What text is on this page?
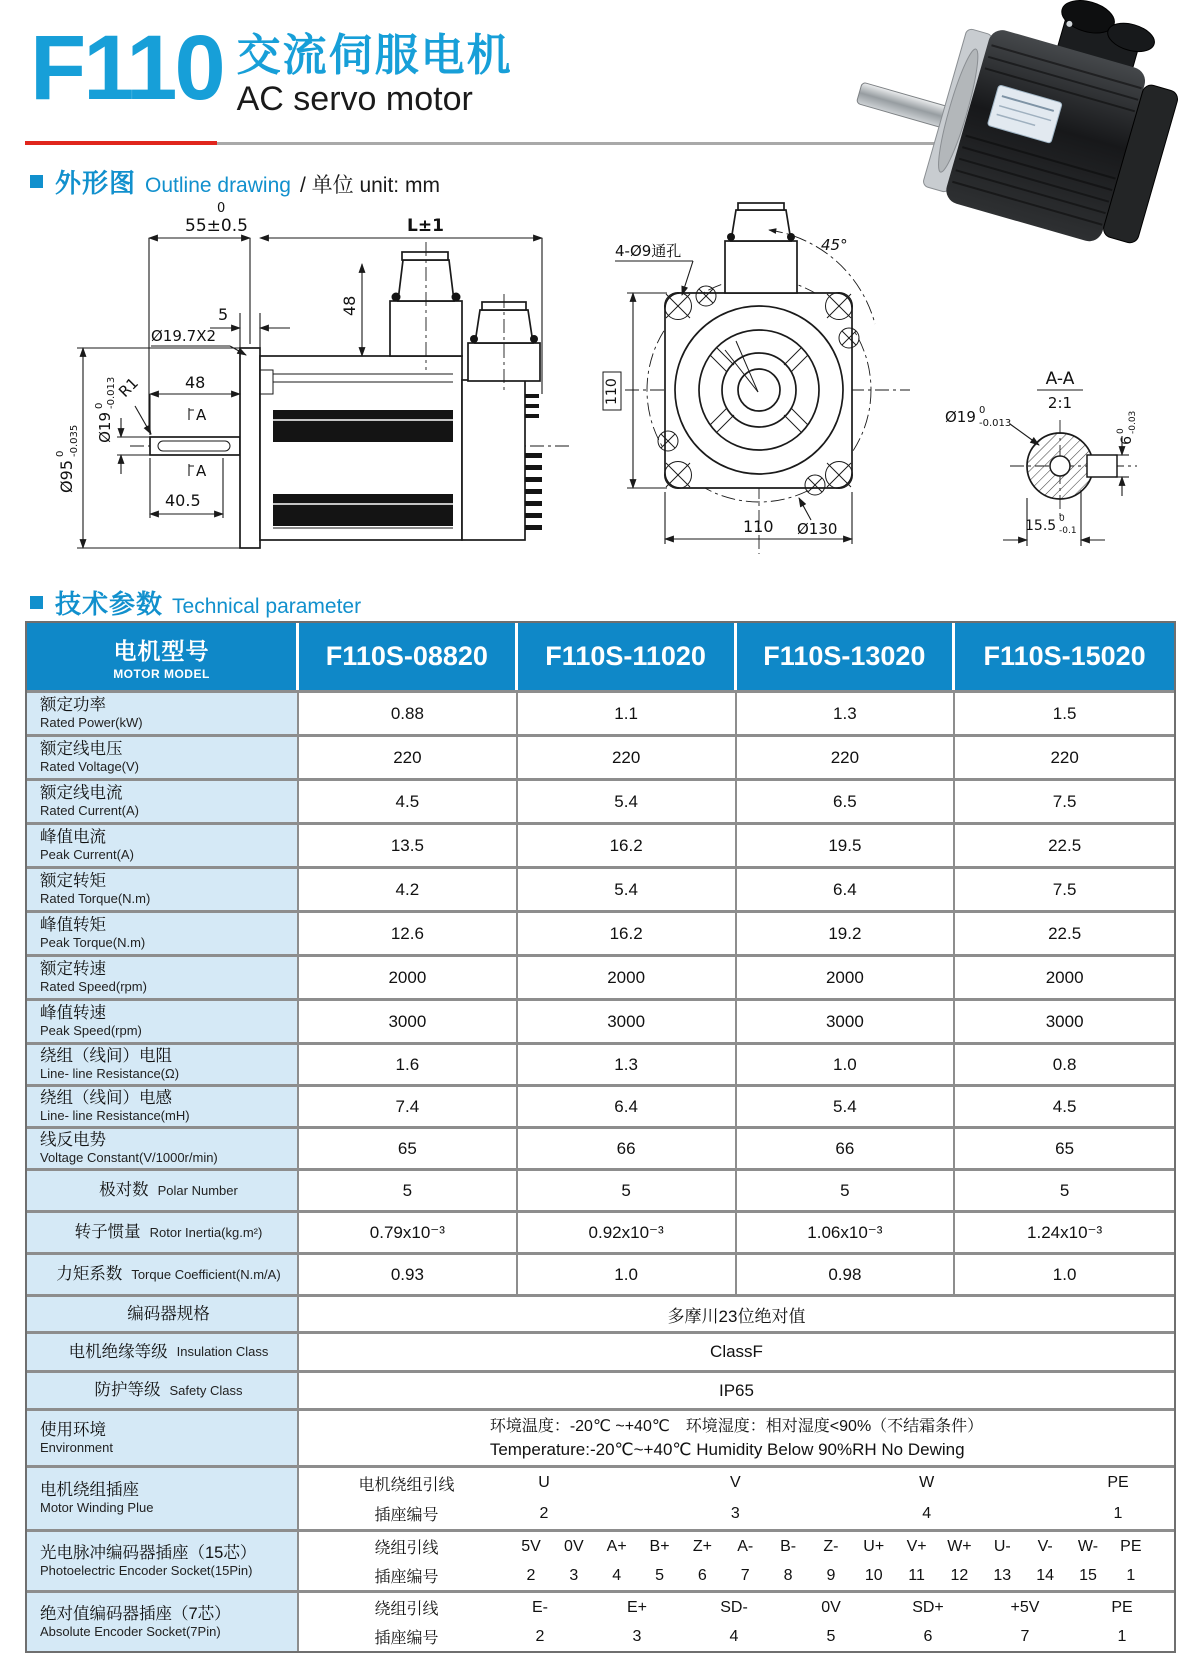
F110 交流伺服电机
AC servo motor
外形图 Outline drawing / 单位 unit: mm
0
55±0.5	L±1
5
Ø19.7X2
48
48
A
A
40.5
R1
Ø19
0 -0.013
Ø95
0 -0.035
45°
4-Ø9通孔
110
110
Ø130
A-A
2:1
Ø19 0
-0.013
6
0 -0.03
15.5 0
-0.1
技术参数 Technical parameter
电机型号
MOTOR MODEL
F110S-08820	F110S-11020	F110S-13020	F110S-15020
额定功率
Rated Power(kW)	0.88	1.1	1.3	1.5
额定线电压
Rated Voltage(V)	220	220	220	220
额定线电流
Rated Current(A)	4.5	5.4	6.5	7.5
峰值电流
Peak Current(A)	13.5	16.2	19.5	22.5
额定转矩
Rated Torque(N.m)	4.2	5.4	6.4	7.5
峰值转矩
Peak Torque(N.m)	12.6	16.2	19.2	22.5
额定转速
Rated Speed(rpm)	2000	2000	2000	2000
峰值转速
Peak Speed(rpm)	3000	3000	3000	3000
绕组（线间）电阻
Line- line Resistance(Ω)	1.6	1.3	1.0	0.8
绕组（线间）电感
Line- line Resistance(mH)	7.4	6.4	5.4	4.5
线反电势
Voltage Constant(V/1000r/min)	65	66	66	65
极对数 Polar Number	5	5	5	5
转子惯量 Rotor Inertia(kg.m²)	0.79x10⁻³	0.92x10⁻³	1.06x10⁻³	1.24x10⁻³
力矩系数 Torque Coefficient(N.m/A)	0.93	1.0	0.98	1.0
编码器规格	多摩川23位绝对值
电机绝缘等级 Insulation Class	ClassF
防护等级 Safety Class	IP65
使用环境
Environment
环境温度：-20℃ ~+40℃　环境湿度：相对湿度<90%（不结霜条件）
Temperature:-20℃~+40℃ Humidity Below 90%RH No Dewing
电机绕组插座
Motor Winding Plue
电机绕组引线	U	V	W	PE
插座编号	2	3	4	1
光电脉冲编码器插座（15芯）
Photoelectric Encoder Socket(15Pin)
绕组引线	5V	0V	A+	B+	Z+	A-	B-	Z-	U+	V+	W+	U-	V-	W-	PE
插座编号	2	3	4	5	6	7	8	9	10	11	12	13	14	15	1
绝对值编码器插座（7芯）
Absolute Encoder Socket(7Pin)
绕组引线	E-	E+	SD-	0V	SD+	+5V	PE
插座编号	2	3	4	5	6	7	1
